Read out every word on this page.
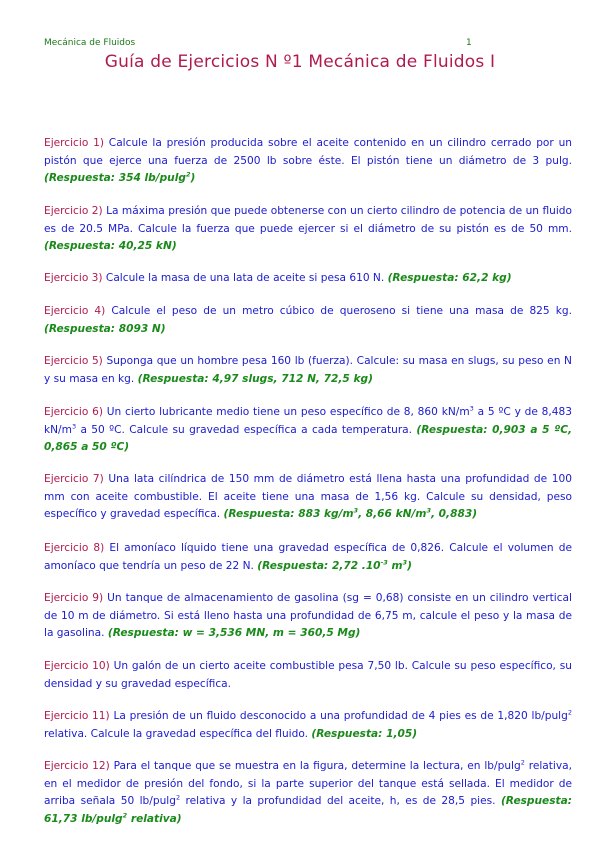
Mecánica de Fluidos	1
Guía de Ejercicios N º1 Mecánica de Fluidos I
Ejercicio 1) Calcule la presión producida sobre el aceite contenido en un cilindro cerrado por un pistón que ejerce una fuerza de 2500 lb sobre éste. El pistón tiene un diámetro de 3 pulg. (Respuesta: 354 lb/pulg$^2$)
Ejercicio 2) La máxima presión que puede obtenerse con un cierto cilindro de potencia de un fluido es de 20.5 MPa. Calcule la fuerza que puede ejercer si el diámetro de su pistón es de 50 mm. (Respuesta: 40,25 kN)
Ejercicio 3) Calcule la masa de una lata de aceite si pesa 610 N. (Respuesta: 62,2 kg)
Ejercicio 4) Calcule el peso de un metro cúbico de queroseno si tiene una masa de 825 kg. (Respuesta: 8093 N)
Ejercicio 5) Suponga que un hombre pesa 160 lb (fuerza). Calcule: su masa en slugs, su peso en N y su masa en kg. (Respuesta: 4,97 slugs, 712 N, 72,5 kg)
Ejercicio 6) Un cierto lubricante medio tiene un peso específico de 8, 860 $kN/m^3$ a 5 ºC y de 8,483 $kN/m^3$ a 50 ºC. Calcule su gravedad específica a cada temperatura. (Respuesta: 0,903 a 5 ºC, 0,865 a 50 ºC)
Ejercicio 7) Una lata cilíndrica de 150 mm de diámetro está llena hasta una profundidad de 100 mm con aceite combustible. El aceite tiene una masa de 1,56 kg. Calcule su densidad, peso específico y gravedad específica. (Respuesta: 883 $kg/m^3$, 8,66 $kN/m^3$, 0,883)
Ejercicio 8) El amoníaco líquido tiene una gravedad específica de 0,826. Calcule el volumen de amoníaco que tendría un peso de 22 N. (Respuesta: 2,72 $.10^{-3}$ $m^3$)
Ejercicio 9) Un tanque de almacenamiento de gasolina (sg = 0,68) consiste en un cilindro vertical de 10 m de diámetro. Si está lleno hasta una profundidad de 6,75 m, calcule el peso y la masa de la gasolina. (Respuesta: w = 3,536 MN, m = 360,5 Mg)
Ejercicio 10) Un galón de un cierto aceite combustible pesa 7,50 lb. Calcule su peso específico, su densidad y su gravedad específica.
Ejercicio 11) La presión de un fluido desconocido a una profundidad de 4 pies es de 1,820 lb/pulg$^2$ relativa. Calcule la gravedad específica del fluido. (Respuesta: 1,05)
Ejercicio 12) Para el tanque que se muestra en la figura, determine la lectura, en lb/pulg$^2$ relativa, en el medidor de presión del fondo, si la parte superior del tanque está sellada. El medidor de arriba señala 50 lb/pulg$^2$ relativa y la profundidad del aceite, h, es de 28,5 pies. (Respuesta: 61,73 lb/pulg$^2$ relativa)
